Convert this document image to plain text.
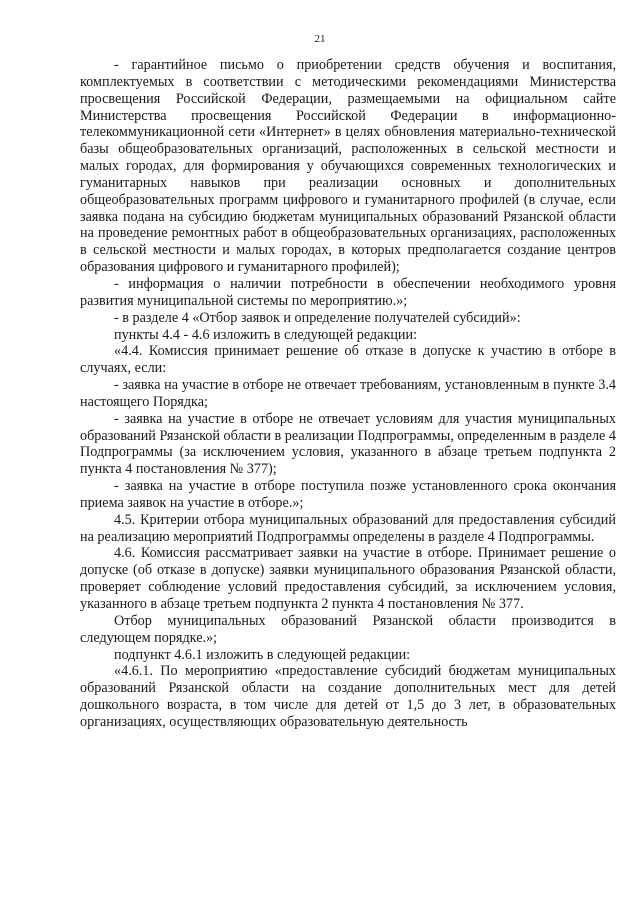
21

- гарантийное письмо о приобретении средств обучения и воспитания, комплектуемых в соответствии с методическими рекомендациями Министерства просвещения Российской Федерации, размещаемыми на официальном сайте Министерства просвещения Российской Федерации в информационно-телекоммуникационной сети «Интернет» в целях обновления материально-технической базы общеобразовательных организаций, расположенных в сельской местности и малых городах, для формирования у обучающихся современных технологических и гуманитарных навыков при реализации основных и дополнительных общеобразовательных программ цифрового и гуманитарного профилей (в случае, если заявка подана на субсидию бюджетам муниципальных образований Рязанской области на проведение ремонтных работ в общеобразовательных организациях, расположенных в сельской местности и малых городах, в которых предполагается создание центров образования цифрового и гуманитарного профилей);

- информация о наличии потребности в обеспечении необходимого уровня развития муниципальной системы по мероприятию.»;

- в разделе 4 «Отбор заявок и определение получателей субсидий»:

пункты 4.4 - 4.6 изложить в следующей редакции:

«4.4. Комиссия принимает решение об отказе в допуске к участию в отборе в случаях, если:

- заявка на участие в отборе не отвечает требованиям, установленным в пункте 3.4 настоящего Порядка;

- заявка на участие в отборе не отвечает условиям для участия муниципальных образований Рязанской области в реализации Подпрограммы, определенным в разделе 4 Подпрограммы (за исключением условия, указанного в абзаце третьем подпункта 2 пункта 4 постановления № 377);

- заявка на участие в отборе поступила позже установленного срока окончания приема заявок на участие в отборе.»;

4.5. Критерии отбора муниципальных образований для предоставления субсидий на реализацию мероприятий Подпрограммы определены в разделе 4 Подпрограммы.

4.6. Комиссия рассматривает заявки на участие в отборе. Принимает решение о допуске (об отказе в допуске) заявки муниципального образования Рязанской области, проверяет соблюдение условий предоставления субсидий, за исключением условия, указанного в абзаце третьем подпункта 2 пункта 4 постановления № 377.

Отбор муниципальных образований Рязанской области производится в следующем порядке.»;

подпункт 4.6.1 изложить в следующей редакции:

«4.6.1. По мероприятию «предоставление субсидий бюджетам муниципальных образований Рязанской области на создание дополнительных мест для детей дошкольного возраста, в том числе для детей от 1,5 до 3 лет, в образовательных организациях, осуществляющих образовательную деятельность
